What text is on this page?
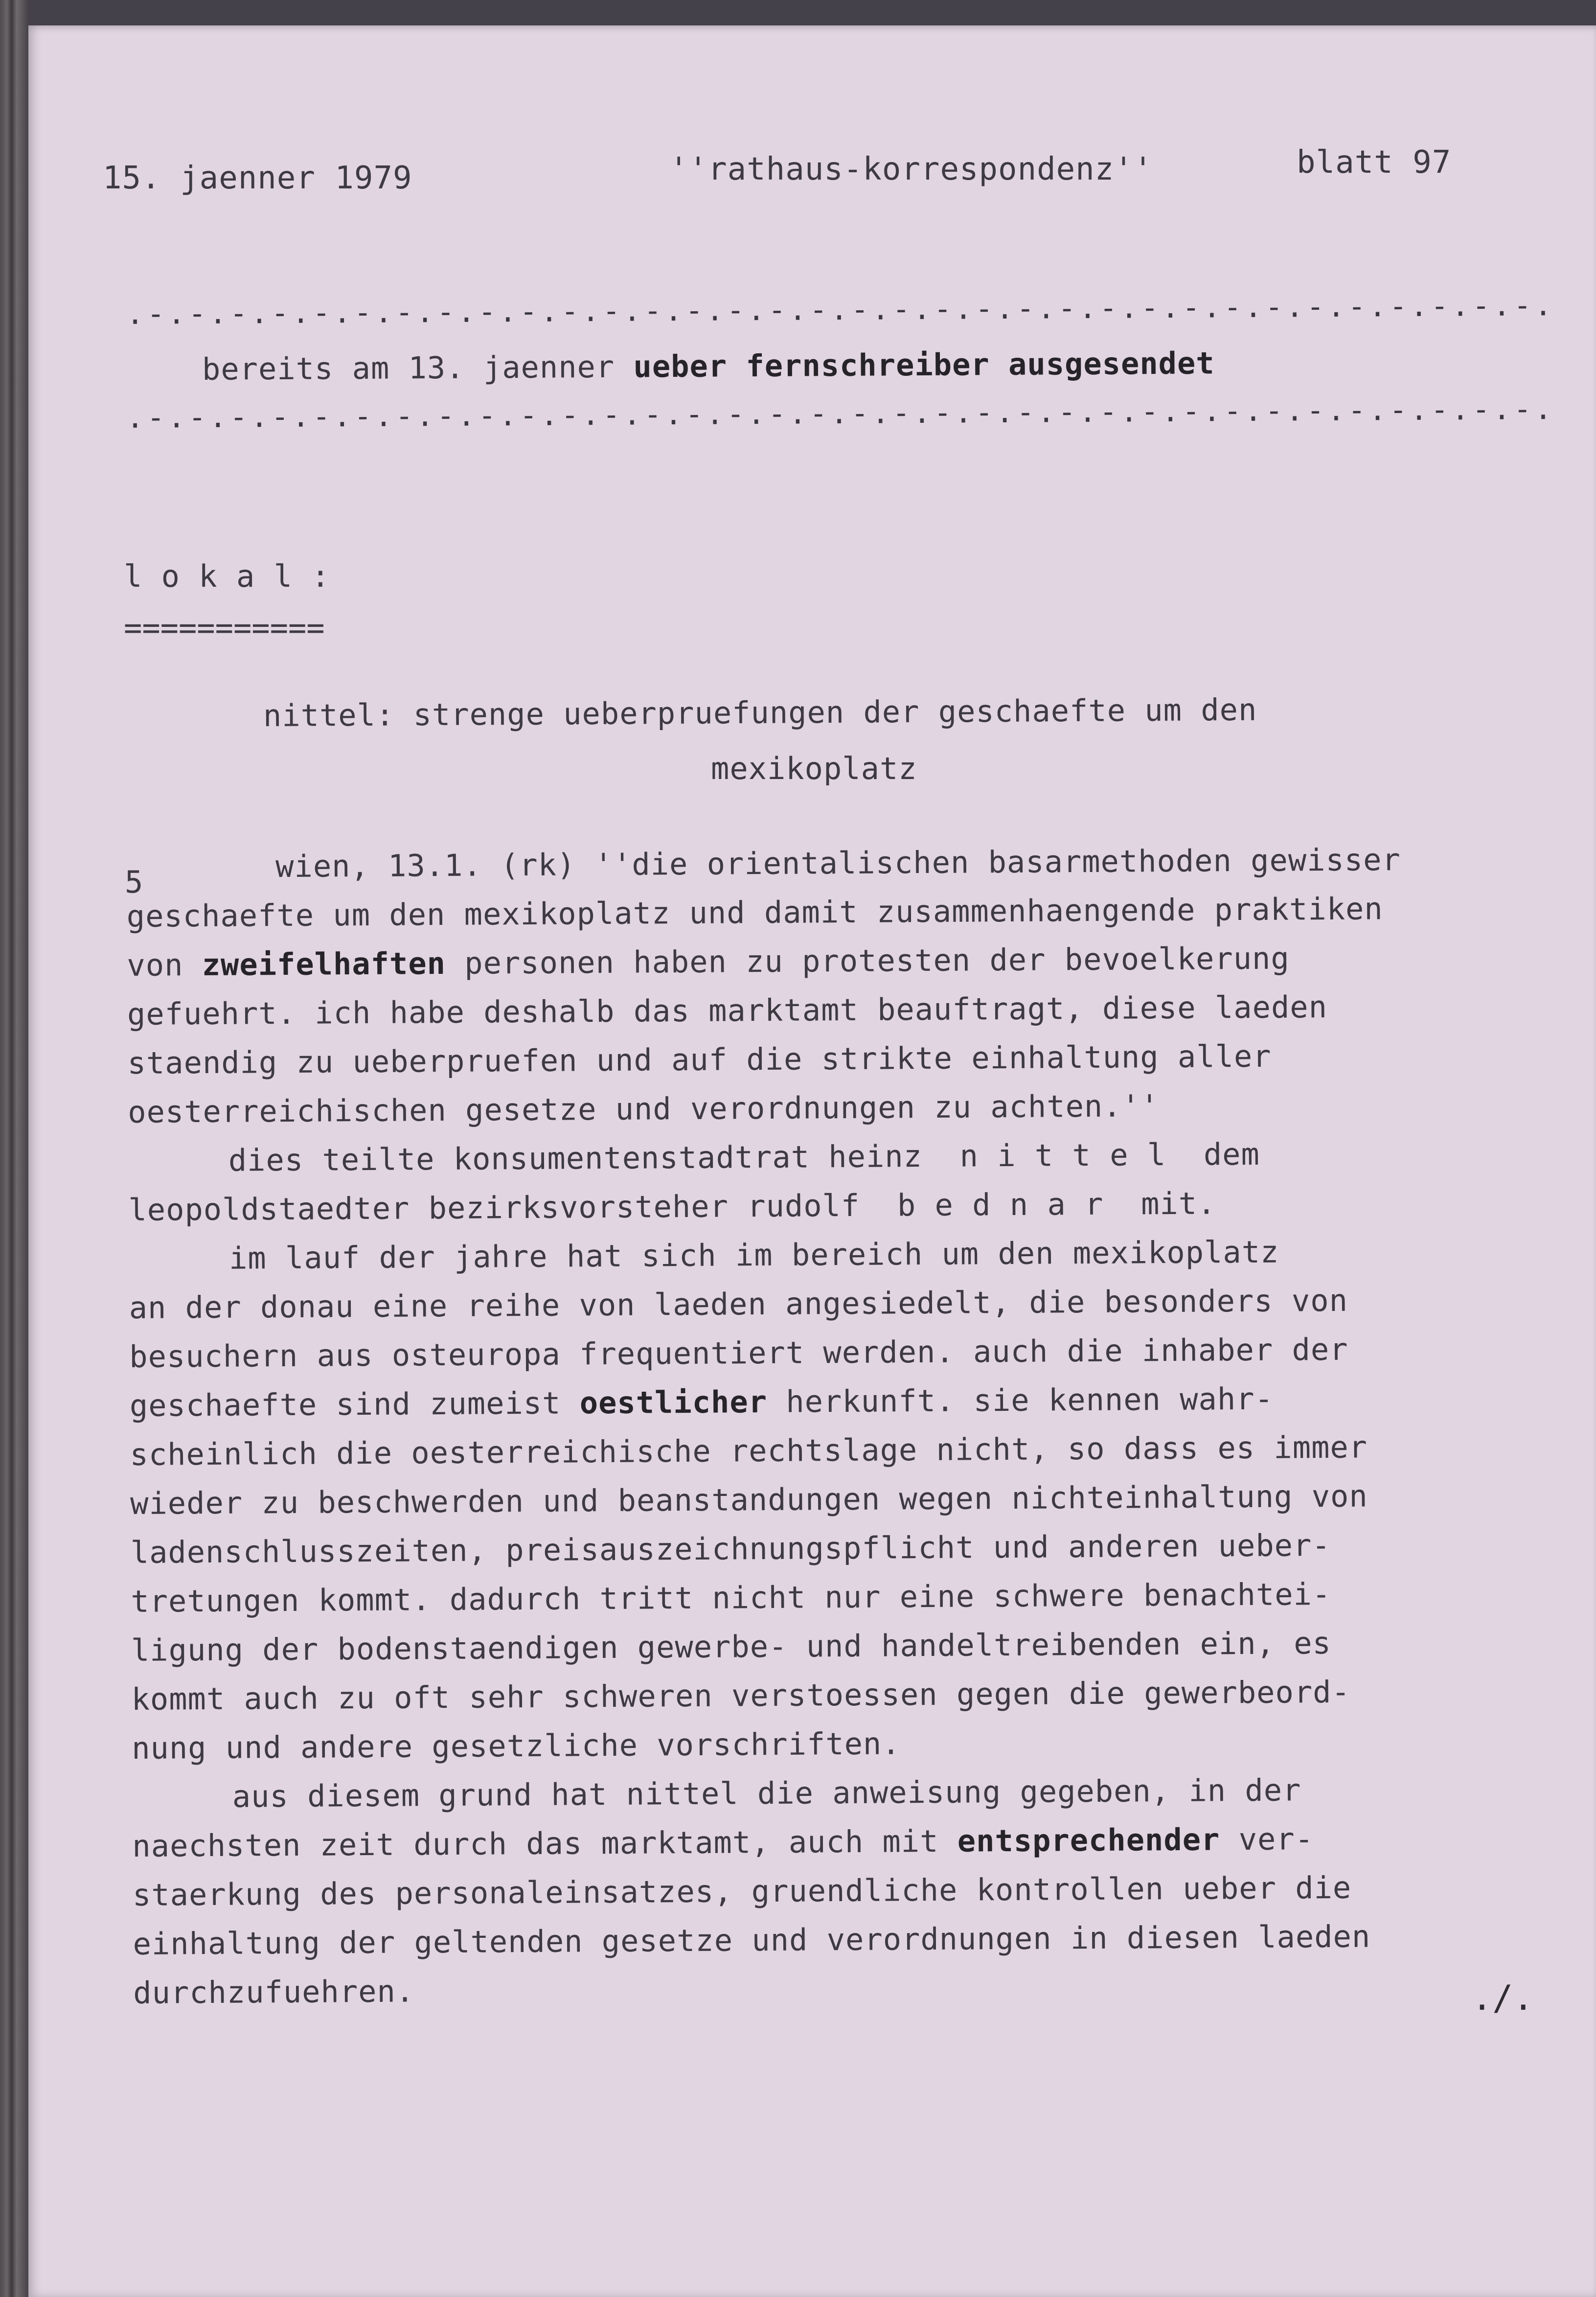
15. jaenner 1979	''rathaus-korrespondenz''	blatt 97
.-.-.-.-.-.-.-.-.-.-.-.-.-.-.-.-.-.-.-.-.-.-.-.-.-.-.-.-.-.-.-.-.-.-.
bereits am 13. jaenner ueber fernschreiber ausgesendet
.-.-.-.-.-.-.-.-.-.-.-.-.-.-.-.-.-.-.-.-.-.-.-.-.-.-.-.-.-.-.-.-.-.-.
l o k a l :
===========
nittel: strenge ueberpruefungen der geschaefte um den
mexikoplatz
5	wien, 13.1. (rk) ''die orientalischen basarmethoden gewisser
geschaefte um den mexikoplatz und damit zusammenhaengende praktiken
von zweifelhaften personen haben zu protesten der bevoelkerung
gefuehrt. ich habe deshalb das marktamt beauftragt, diese laeden
staendig zu ueberpruefen und auf die strikte einhaltung aller
oesterreichischen gesetze und verordnungen zu achten.''
dies teilte konsumentenstadtrat heinz  n i t t e l  dem
leopoldstaedter bezirksvorsteher rudolf  b e d n a r  mit.
im lauf der jahre hat sich im bereich um den mexikoplatz
an der donau eine reihe von laeden angesiedelt, die besonders von
besuchern aus osteuropa frequentiert werden. auch die inhaber der
geschaefte sind zumeist oestlicher herkunft. sie kennen wahr-
scheinlich die oesterreichische rechtslage nicht, so dass es immer
wieder zu beschwerden und beanstandungen wegen nichteinhaltung von
ladenschlusszeiten, preisauszeichnungspflicht und anderen ueber-
tretungen kommt. dadurch tritt nicht nur eine schwere benachtei-
ligung der bodenstaendigen gewerbe- und handeltreibenden ein, es
kommt auch zu oft sehr schweren verstoessen gegen die gewerbeord-
nung und andere gesetzliche vorschriften.
aus diesem grund hat nittel die anweisung gegeben, in der
naechsten zeit durch das marktamt, auch mit entsprechender ver-
staerkung des personaleinsatzes, gruendliche kontrollen ueber die
einhaltung der geltenden gesetze und verordnungen in diesen laeden
durchzufuehren.	./.
